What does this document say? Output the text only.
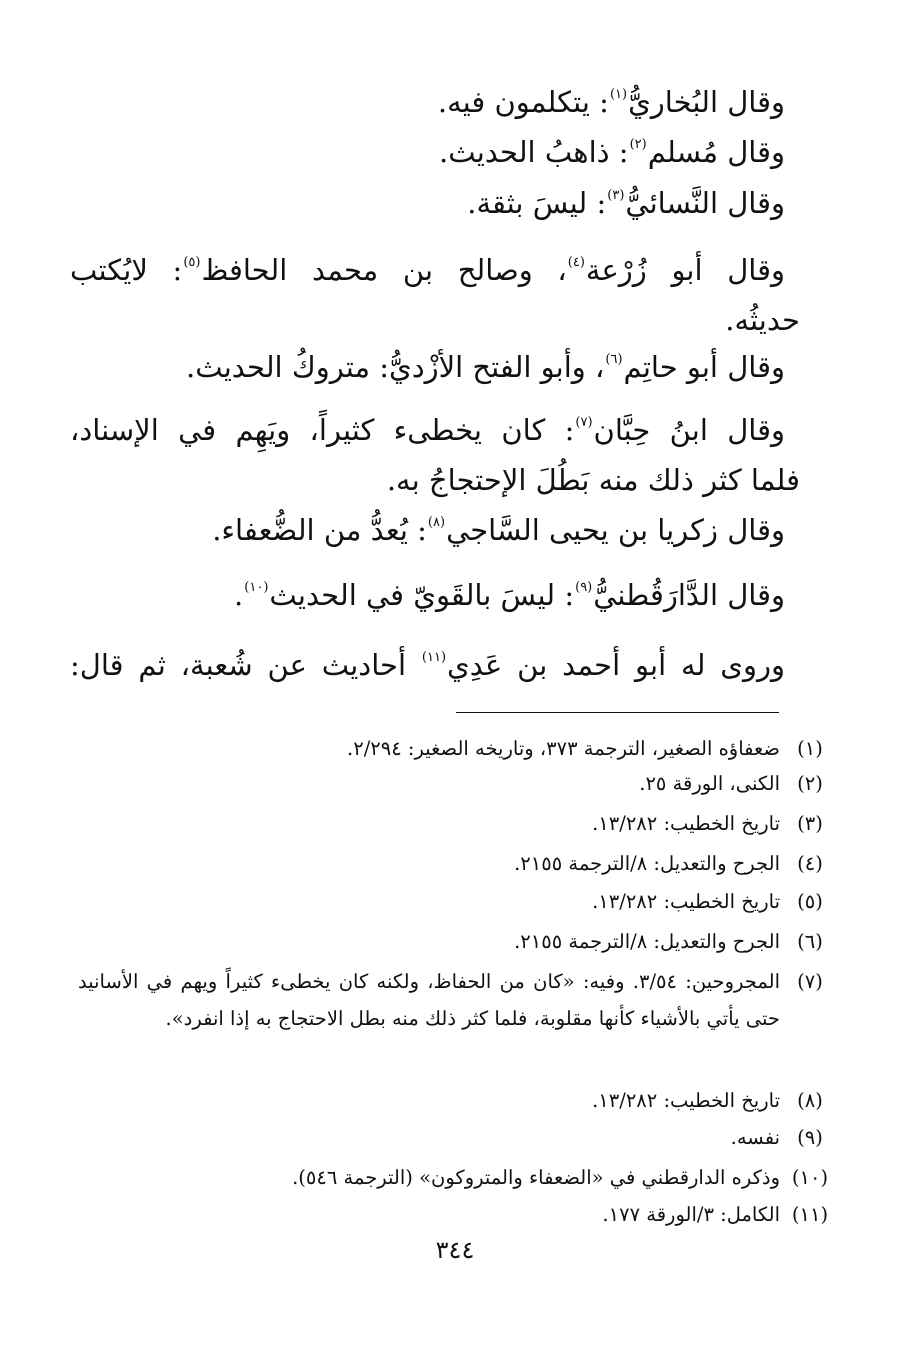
وقال البُخاريُّ$^{(١)}$: يتكلمون فيه.
وقال مُسلم$^{(٢)}$: ذاهبُ الحديث.
وقال النَّسائيُّ$^{(٣)}$: ليسَ بثقة.
وقال أبو زُرْعة$^{(٤)}$، وصالح بن محمد الحافظ$^{(٥)}$: لايُكتب
حديثُه.
وقال أبو حاتِم$^{(٦)}$، وأبو الفتح الأزْديُّ: متروكُ الحديث.
وقال ابنُ حِبَّان$^{(٧)}$: كان يخطىء كثيراً، ويَهِم في الإسناد،
فلما كثر ذلك منه بَطُلَ الإحتجاجُ به.
وقال زكريا بن يحيى السَّاجي$^{(٨)}$: يُعدُّ من الضُّعفاء.
وقال الدَّارَقُطنيُّ$^{(٩)}$: ليسَ بالقَويّ في الحديث$^{(١٠)}$.
وروى له أبو أحمد بن عَدِي$^{(١١)}$ أحاديث عن شُعبة، ثم قال:
(١)
ضعفاؤه الصغير، الترجمة ٣٧٣، وتاريخه الصغير: ٢/٢٩٤.
(٢)
الكنى، الورقة ٢٥.
(٣)
تاريخ الخطيب: ١٣/٢٨٢.
(٤)
الجرح والتعديل: ٨/الترجمة ٢١٥٥.
(٥)
تاريخ الخطيب: ١٣/٢٨٢.
(٦)
الجرح والتعديل: ٨/الترجمة ٢١٥٥.
(٧)
المجروحين: ٣/٥٤. وفيه: «كان من الحفاظ، ولكنه كان يخطىء كثيراً ويهم في الأسانيد حتى يأتي بالأشياء كأنها مقلوبة، فلما كثر ذلك منه بطل الاحتجاج به إذا انفرد».
(٨)
تاريخ الخطيب: ١٣/٢٨٢.
(٩)
نفسه.
(١٠)
وذكره الدارقطني في «الضعفاء والمتروكون» (الترجمة ٥٤٦).
(١١)
الكامل: ٣/الورقة ١٧٧.
٣٤٤
